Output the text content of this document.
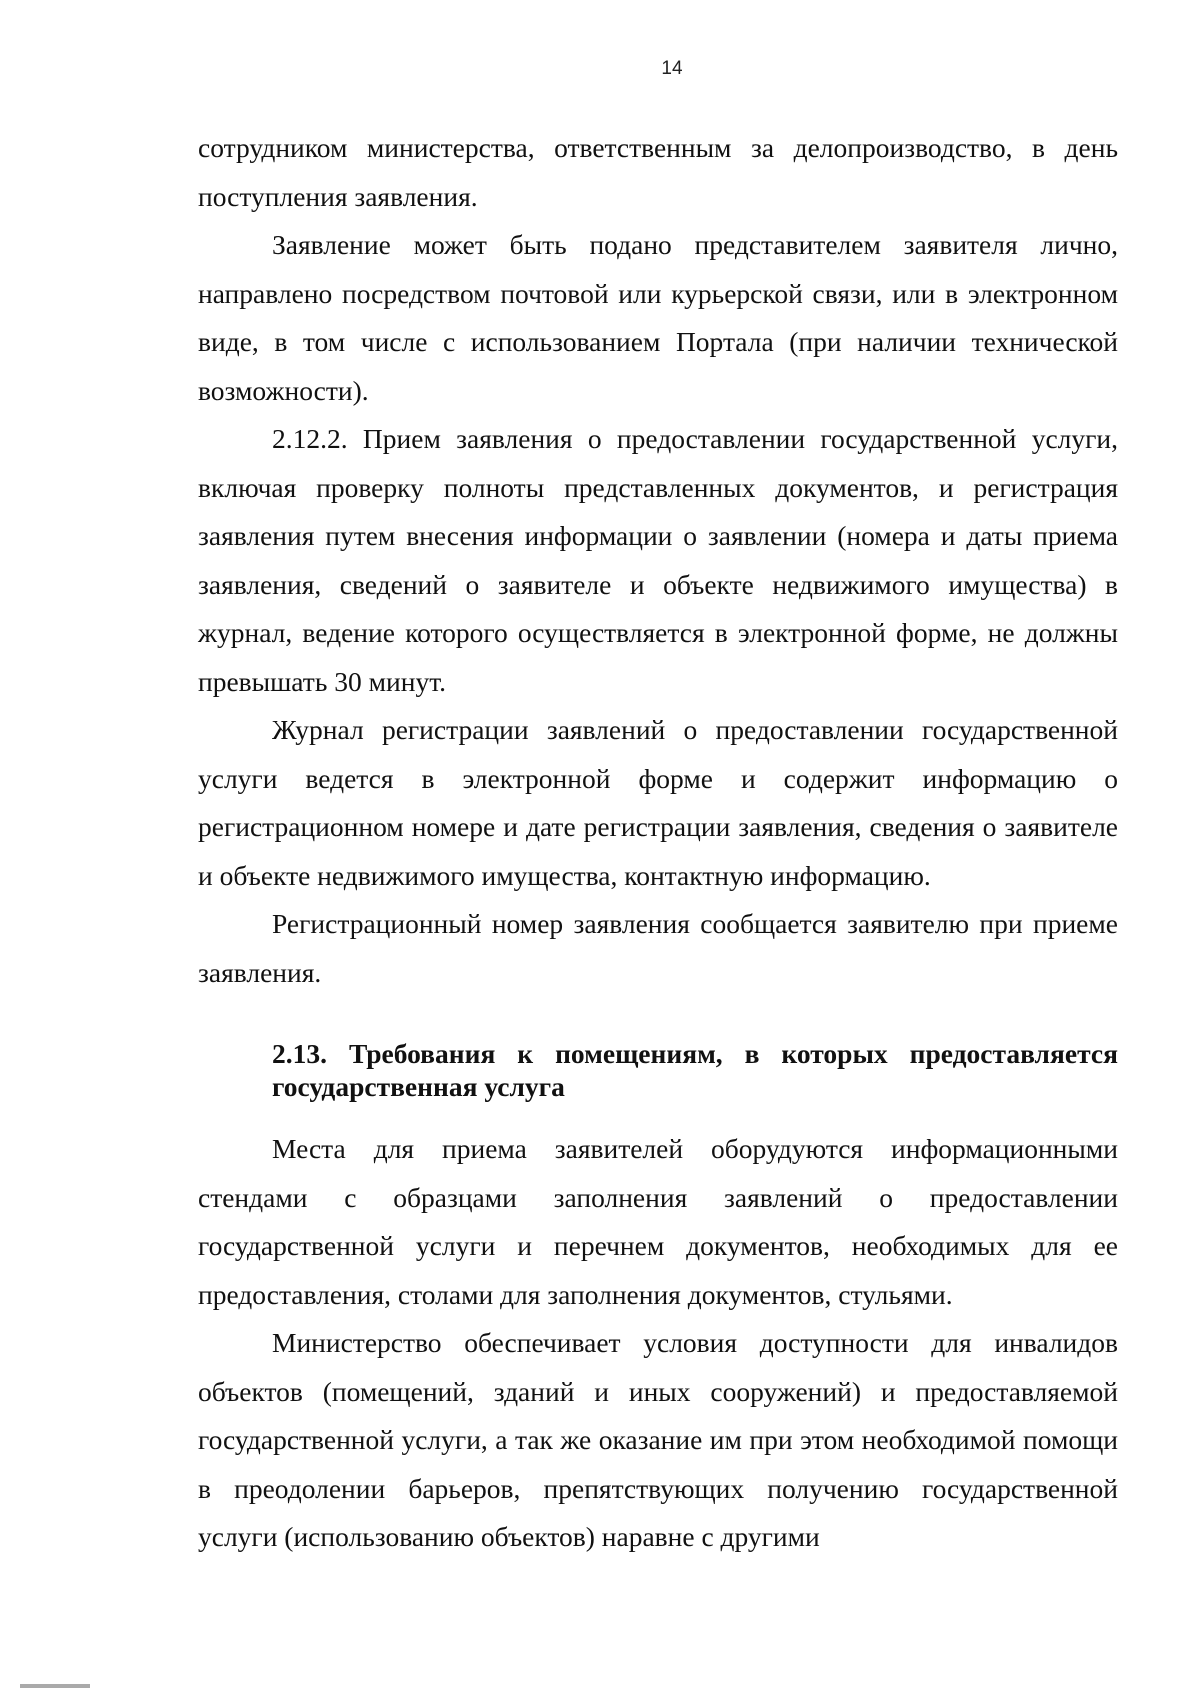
14

сотрудником министерства, ответственным за делопроизводство, в день поступления заявления.

Заявление может быть подано представителем заявителя лично, направлено посредством почтовой или курьерской связи, или в электронном виде, в том числе с использованием Портала (при наличии технической возможности).

2.12.2. Прием заявления о предоставлении государственной услуги, включая проверку полноты представленных документов, и регистрация заявления путем внесения информации о заявлении (номера и даты приема заявления, сведений о заявителе и объекте недвижимого имущества) в журнал, ведение которого осуществляется в электронной форме, не должны превышать 30 минут.

Журнал регистрации заявлений о предоставлении государственной услуги ведется в электронной форме и содержит информацию о регистрационном номере и дате регистрации заявления, сведения о заявителе и объекте недвижимого имущества, контактную информацию.

Регистрационный номер заявления сообщается заявителю при приеме заявления.

2.13. Требования к помещениям, в которых предоставляется государственная услуга

Места для приема заявителей оборудуются информационными стендами с образцами заполнения заявлений о предоставлении государственной услуги и перечнем документов, необходимых для ее предоставления, столами для заполнения документов, стульями.

Министерство обеспечивает условия доступности для инвалидов объектов (помещений, зданий и иных сооружений) и предоставляемой государственной услуги, а так же оказание им при этом необходимой помощи в преодолении барьеров, препятствующих получению государственной услуги (использованию объектов) наравне с другими
